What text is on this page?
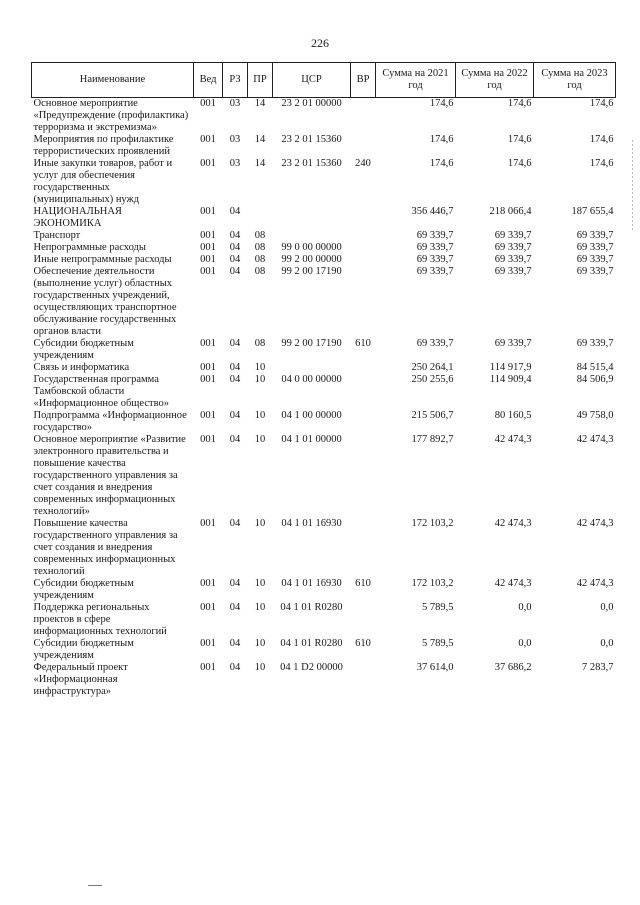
226
Наименование	Вед	РЗ	ПР	ЦСР	ВР	Сумма на 2021 год	Сумма на 2022 год	Сумма на 2023 год
Основное мероприятие «Предупреждение (профилактика) терроризма и экстремизма»	001	03	14	23 2 01 00000		174,6	174,6	174,6
Мероприятия по профилактике террористических проявлений	001	03	14	23 2 01 15360		174,6	174,6	174,6
Иные закупки товаров, работ и услуг для обеспечения государственных (муниципальных) нужд	001	03	14	23 2 01 15360	240	174,6	174,6	174,6
НАЦИОНАЛЬНАЯ ЭКОНОМИКА	001	04				356 446,7	218 066,4	187 655,4
Транспорт	001	04	08			69 339,7	69 339,7	69 339,7
Непрограммные расходы	001	04	08	99 0 00 00000		69 339,7	69 339,7	69 339,7
Иные непрограммные расходы	001	04	08	99 2 00 00000		69 339,7	69 339,7	69 339,7
Обеспечение деятельности (выполнение услуг) областных государственных учреждений, осуществляющих транспортное обслуживание государственных органов власти	001	04	08	99 2 00 17190		69 339,7	69 339,7	69 339,7
Субсидии бюджетным учреждениям	001	04	08	99 2 00 17190	610	69 339,7	69 339,7	69 339,7
Связь и информатика	001	04	10			250 264,1	114 917,9	84 515,4
Государственная программа Тамбовской области «Информационное общество»	001	04	10	04 0 00 00000		250 255,6	114 909,4	84 506,9
Подпрограмма «Информационное государство»	001	04	10	04 1 00 00000		215 506,7	80 160,5	49 758,0
Основное мероприятие «Развитие электронного правительства и повышение качества государственного управления за счет создания и внедрения современных информационных технологий»	001	04	10	04 1 01 00000		177 892,7	42 474,3	42 474,3
Повышение качества государственного управления за счет создания и внедрения современных информационных технологий	001	04	10	04 1 01 16930		172 103,2	42 474,3	42 474,3
Субсидии бюджетным учреждениям	001	04	10	04 1 01 16930	610	172 103,2	42 474,3	42 474,3
Поддержка региональных проектов в сфере информационных технологий	001	04	10	04 1 01 R0280		5 789,5	0,0	0,0
Субсидии бюджетным учреждениям	001	04	10	04 1 01 R0280	610	5 789,5	0,0	0,0
Федеральный проект «Информационная инфраструктура»	001	04	10	04 1 D2 00000		37 614,0	37 686,2	7 283,7
